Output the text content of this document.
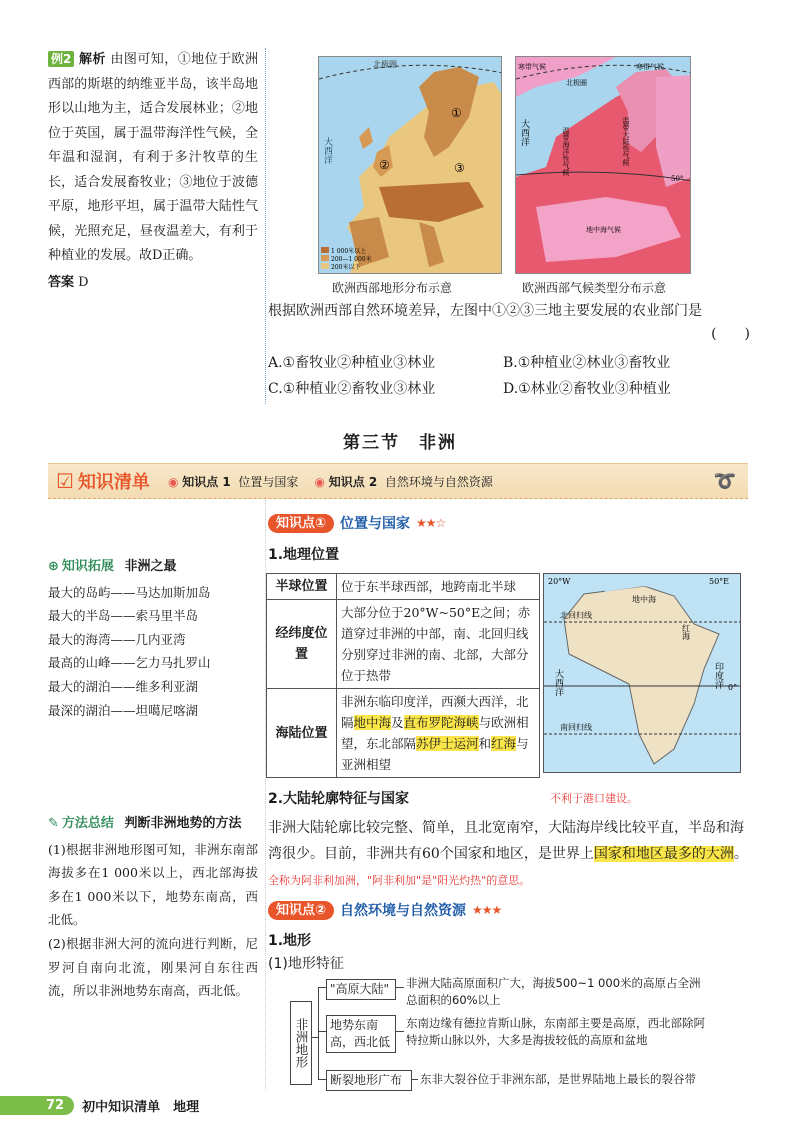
例2 解析 由图可知，①地位于欧洲西部的斯堪的纳维亚半岛，该半岛地形以山地为主，适合发展林业；②地位于英国，属于温带海洋性气候，全年温和湿润，有利于多汁牧草的生长，适合发展畜牧业；③地位于波德平原，地形平坦，属于温带大陆性气候，光照充足，昼夜温差大，有利于种植业的发展。故D正确。

答案 D

北极圈
大西洋
①
②	③
1 000米以上
200—1 000米
200米以下
欧洲西部地形分布示意
寒带气候	寒带气候
北极圈
大西洋
50°
温带海洋性气候	温带大陆性气候
地中海气候
欧洲西部气候类型分布示意
根据欧洲西部自然环境差异，左图中①②③三地主要发展的农业部门是
(　　)
A.①畜牧业②种植业③林业	B.①种植业②林业③畜牧业
C.①种植业②畜牧业③林业	D.①林业②畜牧业③种植业
第三节　非洲
☑ 知识清单 ◉ 知识点 1 位置与国家 ◉ 知识点 2 自然环境与自然资源	➰
⊕ 知识拓展
非洲之最
最大的岛屿——马达加斯加岛
最大的半岛——索马里半岛
最大的海湾——几内亚湾
最高的山峰——乞力马扎罗山
最大的湖泊——维多利亚湖
最深的湖泊——坦噶尼喀湖
✎ 方法总结
判断非洲地势的方法

(1)根据非洲地形图可知，非洲东南部海拔多在1 000米以上，西北部海拔多在1 000米以下，地势东南高，西北低。

(2)根据非洲大河的流向进行判断，尼罗河自南向北流，刚果河自东往西流，所以非洲地势东南高，西北低。

知识点①	位置与国家 ★★☆
1.地理位置
半球位置	位于东半球西部，地跨南北半球
经纬度位置	大部分位于20°W~50°E之间；赤道穿过非洲的中部，南、北回归线分别穿过非洲的南、北部，大部分位于热带
海陆位置	非洲东临印度洋，西濒大西洋，北隔地中海及直布罗陀海峡与欧洲相望，东北部隔苏伊士运河和红海与亚洲相望
20°W	50°E
地中海
红海
北回归线
南回归线
0°
大西洋	印度洋
2.大陆轮廓特征与国家	不利于港口建设。
非洲大陆轮廓比较完整、简单，且北宽南窄，大陆海岸线比较平直，半岛和海湾很少。目前，非洲共有60个国家和地区，是世界上国家和地区最多的大洲。 全称为阿非利加洲，"阿非利加"是"阳光灼热"的意思。
知识点②	自然环境与自然资源 ★★★
1.地形
(1)地形特征
非洲地形
"高原大陆"
地势东南高，西北低
断裂地形广布
非洲大陆高原面积广大，海拔500~1 000米的高原占全洲总面积的60%以上
东南边缘有德拉肯斯山脉，东南部主要是高原，西北部除阿特拉斯山脉以外，大多是海拔较低的高原和盆地
东非大裂谷位于非洲东部，是世界陆地上最长的裂谷带
72	初中知识清单　地理
